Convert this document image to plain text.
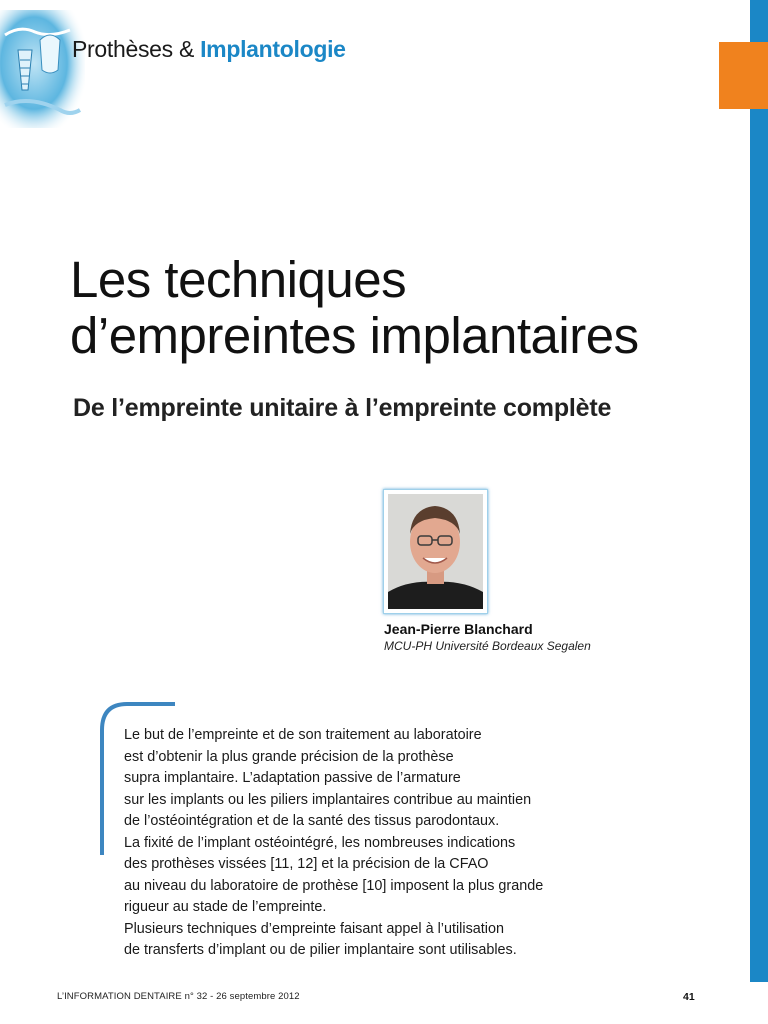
Prothèses & Implantologie
Les techniques
d’empreintes implantaires
De l’empreinte unitaire à l’empreinte complète
Jean-Pierre Blanchard
MCU-PH Université Bordeaux Segalen

Le but de l’empreinte et de son traitement au laboratoire
est d’obtenir la plus grande précision de la prothèse
supra implantaire. L’adaptation passive de l’armature
sur les implants ou les piliers implantaires contribue au maintien
de l’ostéointégration et de la santé des tissus parodontaux.
La fixité de l’implant ostéointégré, les nombreuses indications
des prothèses vissées [11, 12] et la précision de la CFAO
au niveau du laboratoire de prothèse [10] imposent la plus grande
rigueur au stade de l’empreinte.
Plusieurs techniques d’empreinte faisant appel à l’utilisation
de transferts d’implant ou de pilier implantaire sont utilisables.

L’INFORMATION DENTAIRE n° 32 - 26 septembre 2012	41
